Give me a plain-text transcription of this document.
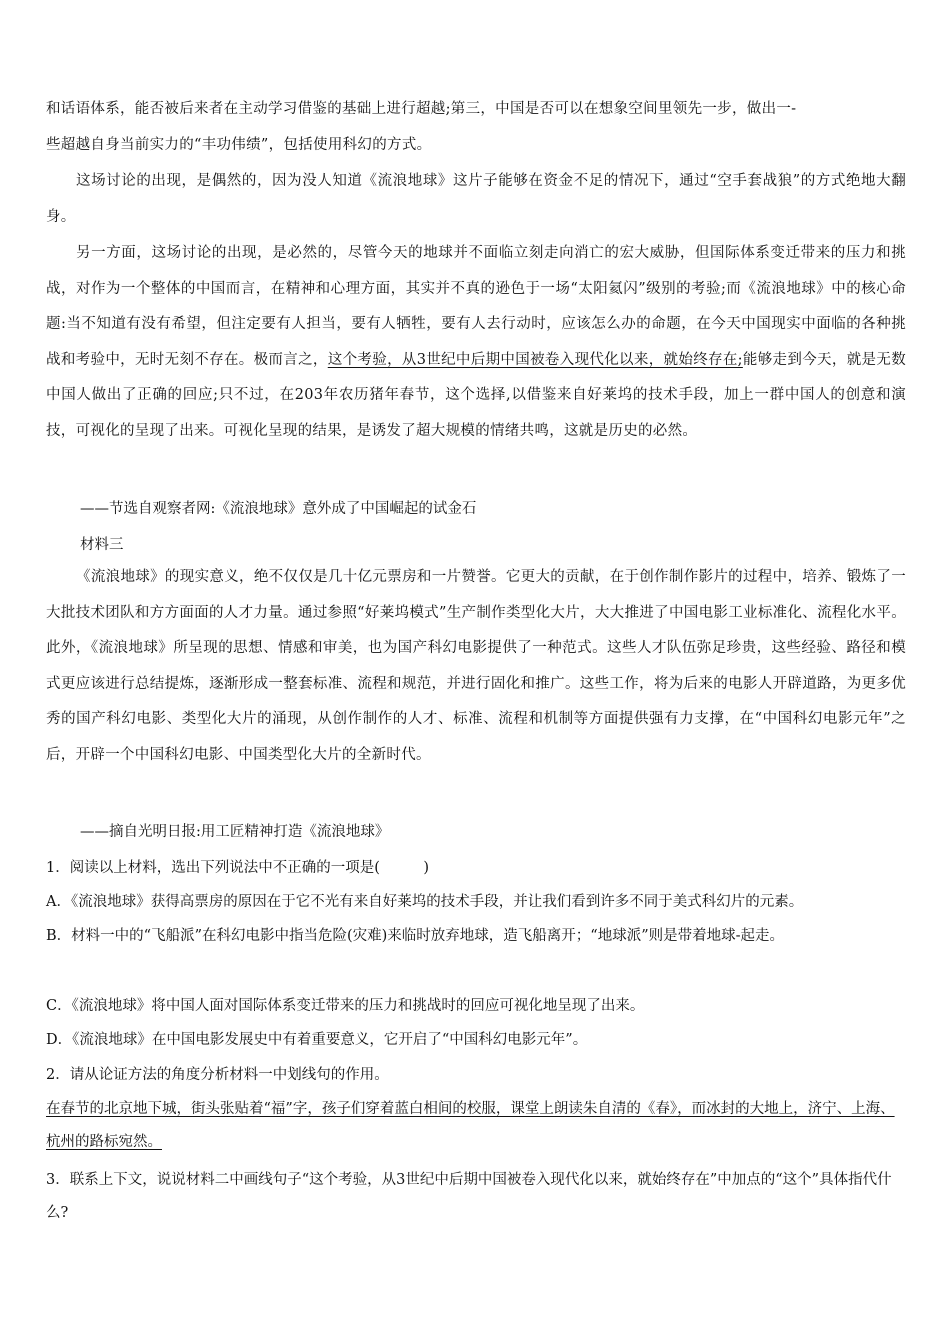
和话语体系，能否被后来者在主动学习借鉴的基础上进行超越;第三，中国是否可以在想象空间里领先一步，做出一-
些超越自身当前实力的“丰功伟绩”，包括使用科幻的方式。

这场讨论的出现，是偶然的，因为没人知道《流浪地球》这片子能够在资金不足的情况下，通过“空手套战狼”的方式绝地大翻身。

另一方面，这场讨论的出现，是必然的，尽管今天的地球并不面临立刻走向消亡的宏大威胁，但国际体系变迁带来的压力和挑战，对作为一个整体的中国而言，在精神和心理方面，其实并不真的逊色于一场“太阳氦闪”级别的考验;而《流浪地球》中的核心命题:当不知道有没有希望，但注定要有人担当，要有人牺牲，要有人去行动时，应该怎么办的命题，在今天中国现实中面临的各种挑战和考验中，无时无刻不存在。极而言之，这个考验，从3世纪中后期中国被卷入现代化以来，就始终存在;能够走到今天，就是无数中国人做出了正确的回应;只不过，在203年农历猪年春节，这个选择,以借鉴来自好莱坞的技术手段，加上一群中国人的创意和演技，可视化的呈现了出来。可视化呈现的结果，是诱发了超大规模的情绪共鸣，这就是历史的必然。

——节选自观察者网:《流浪地球》意外成了中国崛起的试金石

材料三

《流浪地球》的现实意义，绝不仅仅是几十亿元票房和一片赞誉。它更大的贡献，在于创作制作影片的过程中，培养、锻炼了一大批技术团队和方方面面的人才力量。通过参照“好莱坞模式”生产制作类型化大片，大大推进了中国电影工业标准化、流程化水平。此外，《流浪地球》所呈现的思想、情感和审美，也为国产科幻电影提供了一种范式。这些人才队伍弥足珍贵，这些经验、路径和模式更应该进行总结提炼，逐渐形成一整套标准、流程和规范，并进行固化和推广。这些工作，将为后来的电影人开辟道路，为更多优秀的国产科幻电影、类型化大片的涌现，从创作制作的人才、标准、流程和机制等方面提供强有力支撑，在“中国科幻电影元年”之后，开辟一个中国科幻电影、中国类型化大片的全新时代。

——摘自光明日报:用工匠精神打造《流浪地球》

1．阅读以上材料，选出下列说法中不正确的一项是(　　　)

A．《流浪地球》获得高票房的原因在于它不光有来自好莱坞的技术手段，并让我们看到许多不同于美式科幻片的元素。

B．材料一中的“飞船派”在科幻电影中指当危险(灾难)来临时放弃地球，造飞船离开；“地球派”则是带着地球-起走。

C．《流浪地球》将中国人面对国际体系变迁带来的压力和挑战时的回应可视化地呈现了出来。

D．《流浪地球》在中国电影发展史中有着重要意义，它开启了“中国科幻电影元年”。

2．请从论证方法的角度分析材料一中划线句的作用。

在春节的北京地下城，街头张贴着“福”字，孩子们穿着蓝白相间的校服，课堂上朗读朱自清的《春》，而冰封的大地上，济宁、上海、杭州的路标宛然。

3．联系上下文，说说材料二中画线句子“这个考验，从3世纪中后期中国被卷入现代化以来，就始终存在”中加点的“这个”具体指代什么?
